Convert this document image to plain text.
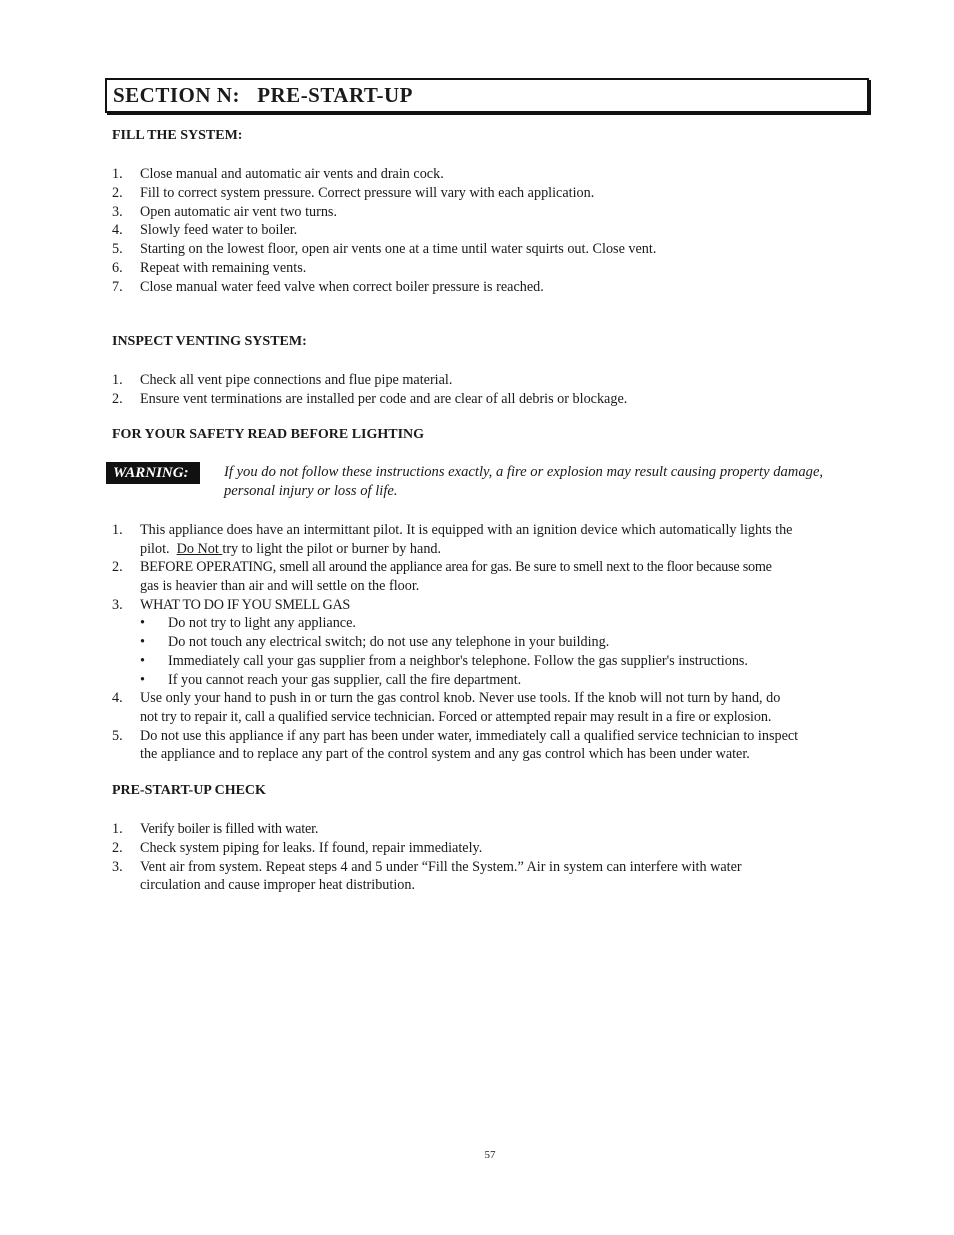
SECTION N:   PRE-START-UP
FILL THE SYSTEM:
1. Close manual and automatic air vents and drain cock.
2. Fill to correct system pressure. Correct pressure will vary with each application.
3. Open automatic air vent two turns.
4. Slowly feed water to boiler.
5. Starting on the lowest floor, open air vents one at a time until water squirts out. Close vent.
6. Repeat with remaining vents.
7. Close manual water feed valve when correct boiler pressure is reached.
INSPECT VENTING SYSTEM:
1. Check all vent pipe connections and flue pipe material.
2. Ensure vent terminations are installed per code and are clear of all debris or blockage.
FOR YOUR SAFETY READ BEFORE LIGHTING
WARNING:	If you do not follow these instructions exactly, a fire or explosion may result causing property damage,
personal injury or loss of life.
1. This appliance does have an intermittant pilot. It is equipped with an ignition device which automatically lights the
pilot.  Do Not try to light the pilot or burner by hand.
2. BEFORE OPERATING, smell all around the appliance area for gas. Be sure to smell next to the floor because some
gas is heavier than air and will settle on the floor.
3. WHAT TO DO IF YOU SMELL GAS
• Do not try to light any appliance.
• Do not touch any electrical switch; do not use any telephone in your building.
• Immediately call your gas supplier from a neighbor's telephone. Follow the gas supplier's instructions.
• If you cannot reach your gas supplier, call the fire department.
4. Use only your hand to push in or turn the gas control knob. Never use tools. If the knob will not turn by hand, do
not try to repair it, call a qualified service technician. Forced or attempted repair may result in a fire or explosion.
5. Do not use this appliance if any part has been under water, immediately call a qualified service technician to inspect
the appliance and to replace any part of the control system and any gas control which has been under water.
PRE-START-UP CHECK
1. Verify boiler is filled with water.
2. Check system piping for leaks. If found, repair immediately.
3. Vent air from system. Repeat steps 4 and 5 under “Fill the System.” Air in system can interfere with water
circulation and cause improper heat distribution.
57
